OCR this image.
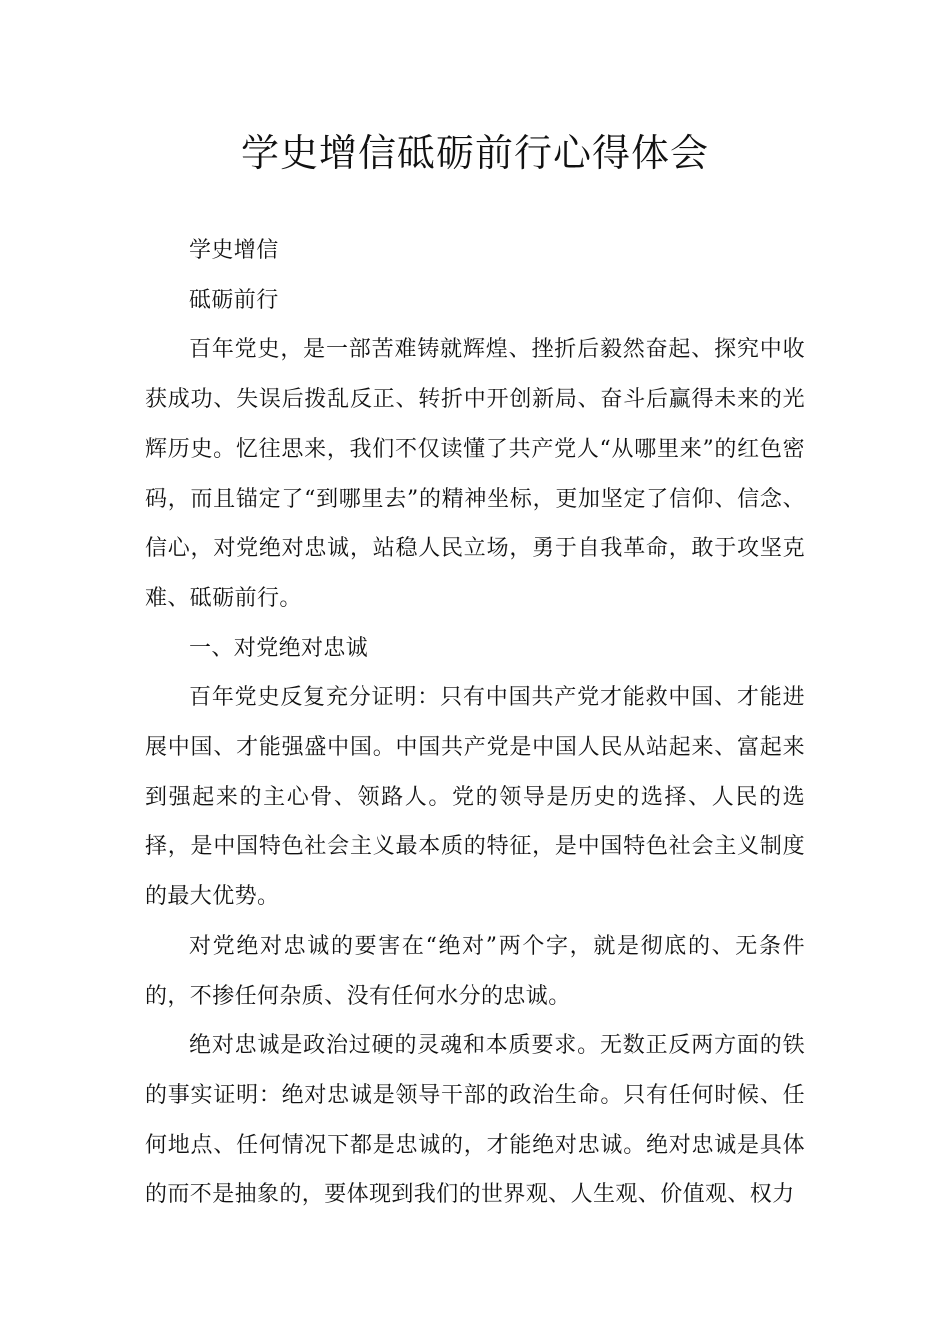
学史增信砥砺前行心得体会

学史增信

砥砺前行

百年党史，是一部苦难铸就辉煌、挫折后毅然奋起、探究中收获成功、失误后拨乱反正、转折中开创新局、奋斗后赢得未来的光辉历史。忆往思来，我们不仅读懂了共产党人“从哪里来”的红色密码，而且锚定了“到哪里去”的精神坐标，更加坚定了信仰、信念、信心，对党绝对忠诚，站稳人民立场，勇于自我革命，敢于攻坚克难、砥砺前行。

一、对党绝对忠诚

百年党史反复充分证明：只有中国共产党才能救中国、才能进展中国、才能强盛中国。中国共产党是中国人民从站起来、富起来到强起来的主心骨、领路人。党的领导是历史的选择、人民的选择，是中国特色社会主义最本质的特征，是中国特色社会主义制度的最大优势。

对党绝对忠诚的要害在“绝对”两个字，就是彻底的、无条件的，不掺任何杂质、没有任何水分的忠诚。

绝对忠诚是政治过硬的灵魂和本质要求。无数正反两方面的铁的事实证明：绝对忠诚是领导干部的政治生命。只有任何时候、任何地点、任何情况下都是忠诚的，才能绝对忠诚。绝对忠诚是具体的而不是抽象的，要体现到我们的世界观、人生观、价值观、权力
